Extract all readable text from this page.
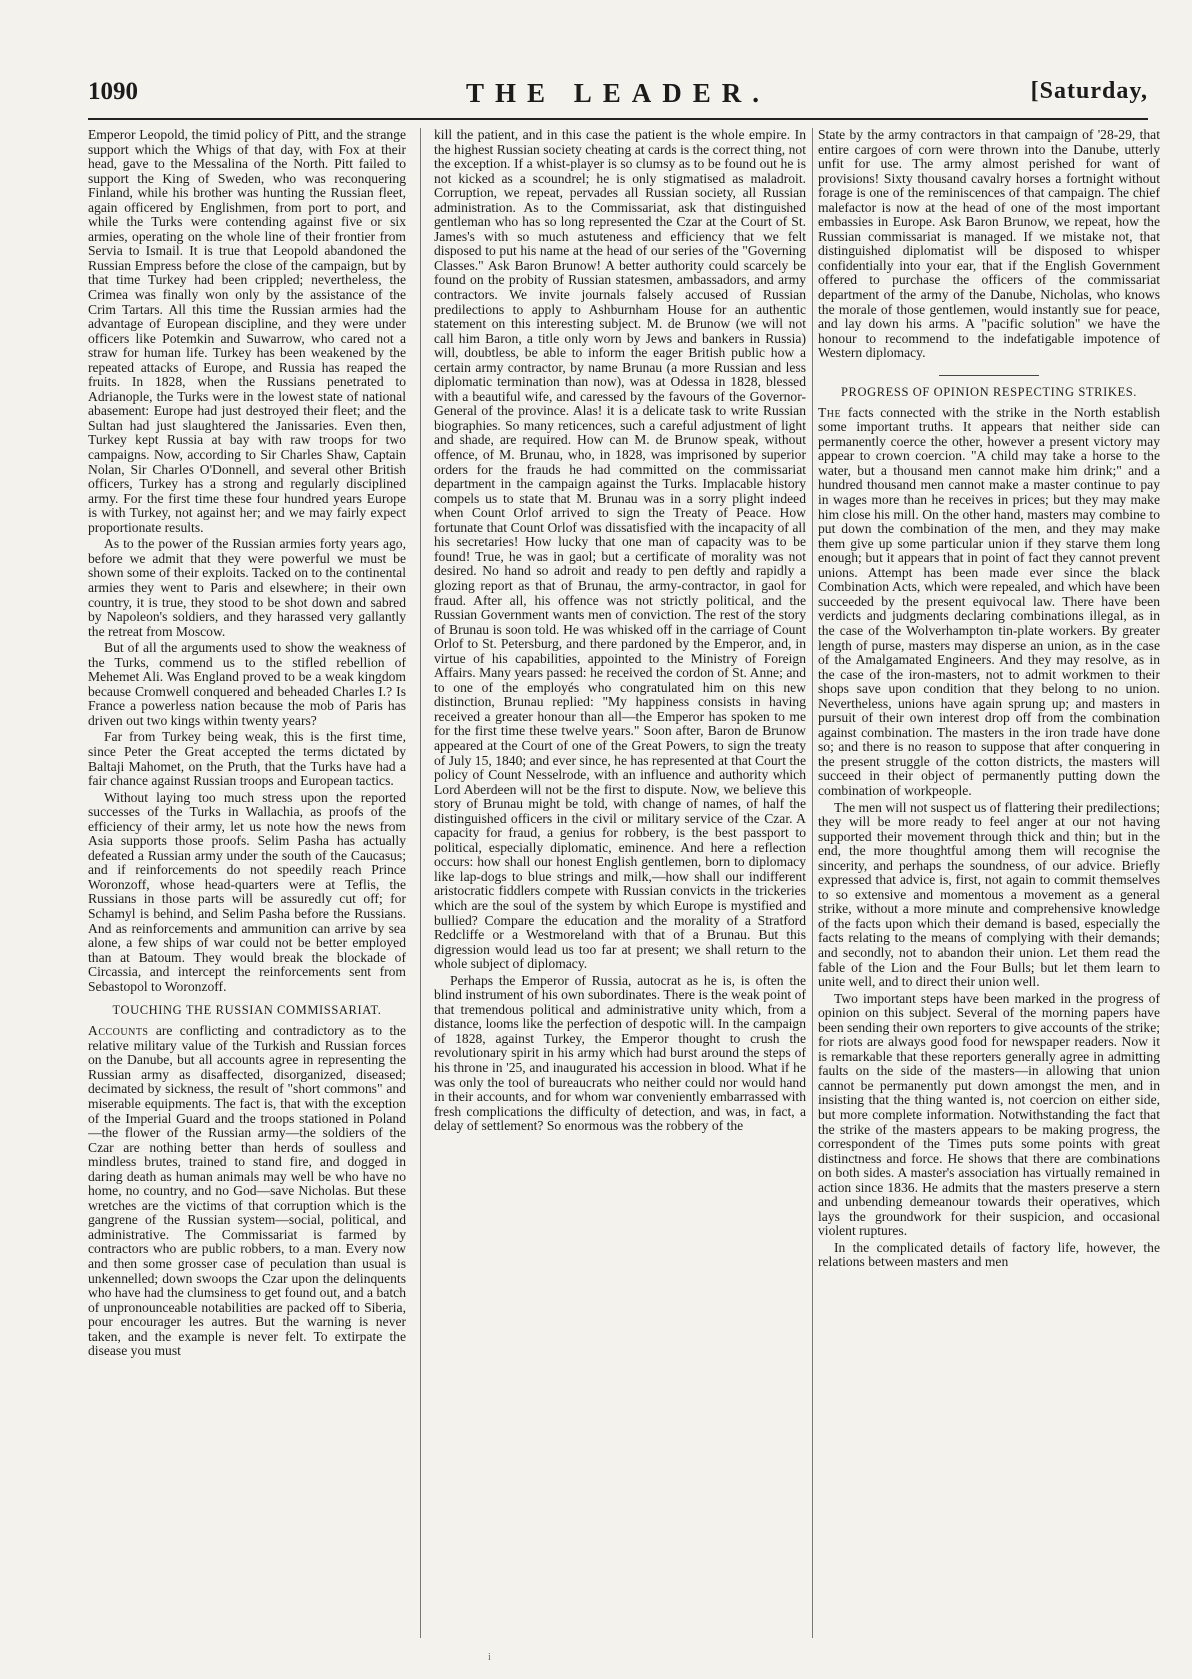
1090	THE LEADER.	[Saturday,

Emperor Leopold, the timid policy of Pitt, and the strange support which the Whigs of that day, with Fox at their head, gave to the Messalina of the North. Pitt failed to support the King of Sweden, who was reconquering Finland, while his brother was hunting the Russian fleet, again officered by Englishmen, from port to port, and while the Turks were contending against five or six armies, operating on the whole line of their frontier from Servia to Ismail. It is true that Leopold abandoned the Russian Empress before the close of the campaign, but by that time Turkey had been crippled; nevertheless, the Crimea was finally won only by the assistance of the Crim Tartars. All this time the Russian armies had the advantage of European discipline, and they were under officers like Potemkin and Suwarrow, who cared not a straw for human life. Turkey has been weakened by the repeated attacks of Europe, and Russia has reaped the fruits. In 1828, when the Russians penetrated to Adrianople, the Turks were in the lowest state of national abasement: Europe had just destroyed their fleet; and the Sultan had just slaughtered the Janissaries. Even then, Turkey kept Russia at bay with raw troops for two campaigns. Now, according to Sir Charles Shaw, Captain Nolan, Sir Charles O'Donnell, and several other British officers, Turkey has a strong and regularly disciplined army. For the first time these four hundred years Europe is with Turkey, not against her; and we may fairly expect proportionate results.

As to the power of the Russian armies forty years ago, before we admit that they were powerful we must be shown some of their exploits. Tacked on to the continental armies they went to Paris and elsewhere; in their own country, it is true, they stood to be shot down and sabred by Napoleon's soldiers, and they harassed very gallantly the retreat from Moscow.

But of all the arguments used to show the weakness of the Turks, commend us to the stifled rebellion of Mehemet Ali. Was England proved to be a weak kingdom because Cromwell conquered and beheaded Charles I.? Is France a powerless nation because the mob of Paris has driven out two kings within twenty years?

Far from Turkey being weak, this is the first time, since Peter the Great accepted the terms dictated by Baltaji Mahomet, on the Pruth, that the Turks have had a fair chance against Russian troops and European tactics.

Without laying too much stress upon the reported successes of the Turks in Wallachia, as proofs of the efficiency of their army, let us note how the news from Asia supports those proofs. Selim Pasha has actually defeated a Russian army under the south of the Caucasus; and if reinforcements do not speedily reach Prince Woronzoff, whose head-quarters were at Teflis, the Russians in those parts will be assuredly cut off; for Schamyl is behind, and Selim Pasha before the Russians. And as reinforcements and ammunition can arrive by sea alone, a few ships of war could not be better employed than at Batoum. They would break the blockade of Circassia, and intercept the reinforcements sent from Sebastopol to Woronzoff.

TOUCHING THE RUSSIAN COMMISSARIAT.

Accounts are conflicting and contradictory as to the relative military value of the Turkish and Russian forces on the Danube, but all accounts agree in representing the Russian army as disaffected, disorganized, diseased; decimated by sickness, the result of "short commons" and miserable equipments. The fact is, that with the exception of the Imperial Guard and the troops stationed in Poland—the flower of the Russian army—the soldiers of the Czar are nothing better than herds of soulless and mindless brutes, trained to stand fire, and dogged in daring death as human animals may well be who have no home, no country, and no God—save Nicholas. But these wretches are the victims of that corruption which is the gangrene of the Russian system—social, political, and administrative. The Commissariat is farmed by contractors who are public robbers, to a man. Every now and then some grosser case of peculation than usual is unkennelled; down swoops the Czar upon the delinquents who have had the clumsiness to get found out, and a batch of unpronounceable notabilities are packed off to Siberia, pour encourager les autres. But the warning is never taken, and the example is never felt. To extirpate the disease you must

kill the patient, and in this case the patient is the whole empire. In the highest Russian society cheating at cards is the correct thing, not the exception. If a whist-player is so clumsy as to be found out he is not kicked as a scoundrel; he is only stigmatised as maladroit. Corruption, we repeat, pervades all Russian society, all Russian administration. As to the Commissariat, ask that distinguished gentleman who has so long represented the Czar at the Court of St. James's with so much astuteness and efficiency that we felt disposed to put his name at the head of our series of the "Governing Classes." Ask Baron Brunow! A better authority could scarcely be found on the probity of Russian statesmen, ambassadors, and army contractors. We invite journals falsely accused of Russian predilections to apply to Ashburnham House for an authentic statement on this interesting subject. M. de Brunow (we will not call him Baron, a title only worn by Jews and bankers in Russia) will, doubtless, be able to inform the eager British public how a certain army contractor, by name Brunau (a more Russian and less diplomatic termination than now), was at Odessa in 1828, blessed with a beautiful wife, and caressed by the favours of the Governor-General of the province. Alas! it is a delicate task to write Russian biographies. So many reticences, such a careful adjustment of light and shade, are required. How can M. de Brunow speak, without offence, of M. Brunau, who, in 1828, was imprisoned by superior orders for the frauds he had committed on the commissariat department in the campaign against the Turks. Implacable history compels us to state that M. Brunau was in a sorry plight indeed when Count Orlof arrived to sign the Treaty of Peace. How fortunate that Count Orlof was dissatisfied with the incapacity of all his secretaries! How lucky that one man of capacity was to be found! True, he was in gaol; but a certificate of morality was not desired. No hand so adroit and ready to pen deftly and rapidly a glozing report as that of Brunau, the army-contractor, in gaol for fraud. After all, his offence was not strictly political, and the Russian Government wants men of conviction. The rest of the story of Brunau is soon told. He was whisked off in the carriage of Count Orlof to St. Petersburg, and there pardoned by the Emperor, and, in virtue of his capabilities, appointed to the Ministry of Foreign Affairs. Many years passed: he received the cordon of St. Anne; and to one of the employés who congratulated him on this new distinction, Brunau replied: "My happiness consists in having received a greater honour than all—the Emperor has spoken to me for the first time these twelve years." Soon after, Baron de Brunow appeared at the Court of one of the Great Powers, to sign the treaty of July 15, 1840; and ever since, he has represented at that Court the policy of Count Nesselrode, with an influence and authority which Lord Aberdeen will not be the first to dispute. Now, we believe this story of Brunau might be told, with change of names, of half the distinguished officers in the civil or military service of the Czar. A capacity for fraud, a genius for robbery, is the best passport to political, especially diplomatic, eminence. And here a reflection occurs: how shall our honest English gentlemen, born to diplomacy like lap-dogs to blue strings and milk,—how shall our indifferent aristocratic fiddlers compete with Russian convicts in the trickeries which are the soul of the system by which Europe is mystified and bullied? Compare the education and the morality of a Stratford Redcliffe or a Westmoreland with that of a Brunau. But this digression would lead us too far at present; we shall return to the whole subject of diplomacy.

Perhaps the Emperor of Russia, autocrat as he is, is often the blind instrument of his own subordinates. There is the weak point of that tremendous political and administrative unity which, from a distance, looms like the perfection of despotic will. In the campaign of 1828, against Turkey, the Emperor thought to crush the revolutionary spirit in his army which had burst around the steps of his throne in '25, and inaugurated his accession in blood. What if he was only the tool of bureaucrats who neither could nor would hand in their accounts, and for whom war conveniently embarrassed with fresh complications the difficulty of detection, and was, in fact, a delay of settlement? So enormous was the robbery of the

State by the army contractors in that campaign of '28-29, that entire cargoes of corn were thrown into the Danube, utterly unfit for use. The army almost perished for want of provisions! Sixty thousand cavalry horses a fortnight without forage is one of the reminiscences of that campaign. The chief malefactor is now at the head of one of the most important embassies in Europe. Ask Baron Brunow, we repeat, how the Russian commissariat is managed. If we mistake not, that distinguished diplomatist will be disposed to whisper confidentially into your ear, that if the English Government offered to purchase the officers of the commissariat department of the army of the Danube, Nicholas, who knows the morale of those gentlemen, would instantly sue for peace, and lay down his arms. A "pacific solution" we have the honour to recommend to the indefatigable impotence of Western diplomacy.

PROGRESS OF OPINION RESPECTING STRIKES.

The facts connected with the strike in the North establish some important truths. It appears that neither side can permanently coerce the other, however a present victory may appear to crown coercion. "A child may take a horse to the water, but a thousand men cannot make him drink;" and a hundred thousand men cannot make a master continue to pay in wages more than he receives in prices; but they may make him close his mill. On the other hand, masters may combine to put down the combination of the men, and they may make them give up some particular union if they starve them long enough; but it appears that in point of fact they cannot prevent unions. Attempt has been made ever since the black Combination Acts, which were repealed, and which have been succeeded by the present equivocal law. There have been verdicts and judgments declaring combinations illegal, as in the case of the Wolverhampton tin-plate workers. By greater length of purse, masters may disperse an union, as in the case of the Amalgamated Engineers. And they may resolve, as in the case of the iron-masters, not to admit workmen to their shops save upon condition that they belong to no union. Nevertheless, unions have again sprung up; and masters in pursuit of their own interest drop off from the combination against combination. The masters in the iron trade have done so; and there is no reason to suppose that after conquering in the present struggle of the cotton districts, the masters will succeed in their object of permanently putting down the combination of workpeople.

The men will not suspect us of flattering their predilections; they will be more ready to feel anger at our not having supported their movement through thick and thin; but in the end, the more thoughtful among them will recognise the sincerity, and perhaps the soundness, of our advice. Briefly expressed that advice is, first, not again to commit themselves to so extensive and momentous a movement as a general strike, without a more minute and comprehensive knowledge of the facts upon which their demand is based, especially the facts relating to the means of complying with their demands; and secondly, not to abandon their union. Let them read the fable of the Lion and the Four Bulls; but let them learn to unite well, and to direct their union well.

Two important steps have been marked in the progress of opinion on this subject. Several of the morning papers have been sending their own reporters to give accounts of the strike; for riots are always good food for newspaper readers. Now it is remarkable that these reporters generally agree in admitting faults on the side of the masters—in allowing that union cannot be permanently put down amongst the men, and in insisting that the thing wanted is, not coercion on either side, but more complete information. Notwithstanding the fact that the strike of the masters appears to be making progress, the correspondent of the Times puts some points with great distinctness and force. He shows that there are combinations on both sides. A master's association has virtually remained in action since 1836. He admits that the masters preserve a stern and unbending demeanour towards their operatives, which lays the groundwork for their suspicion, and occasional violent ruptures.

In the complicated details of factory life, however, the relations between masters and men

i
